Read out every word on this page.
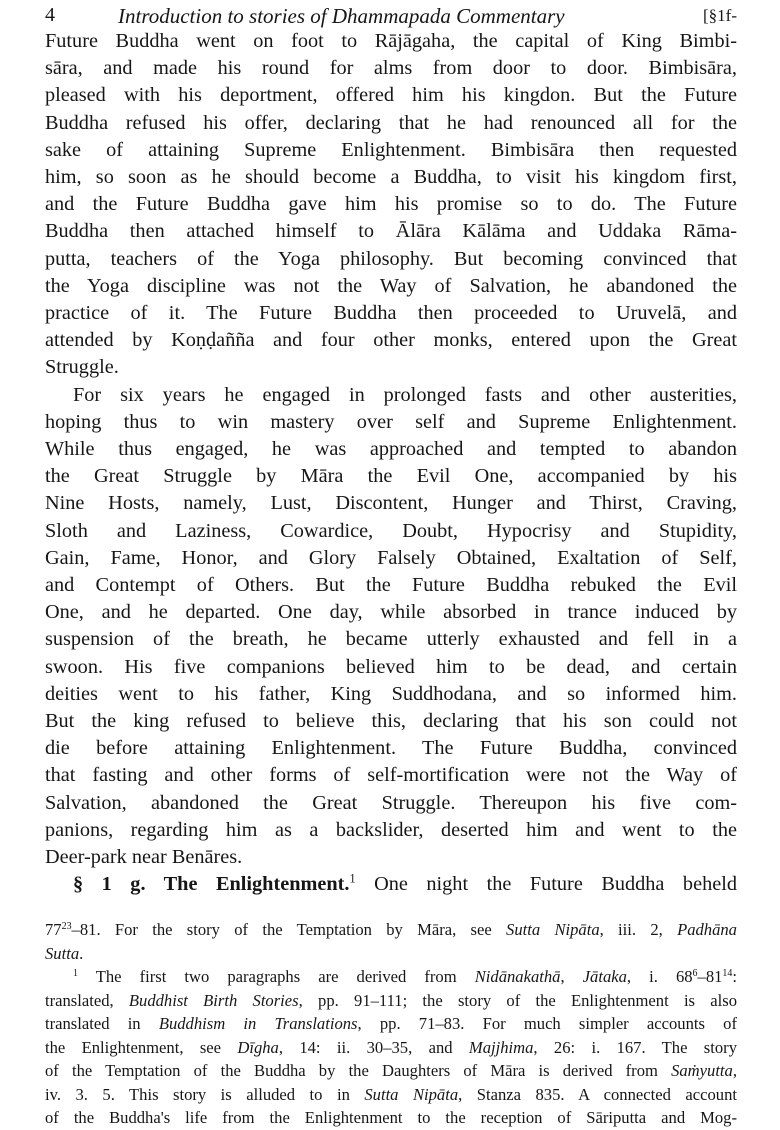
4	Introduction to stories of Dhammapada Commentary	[§1f-
Future Buddha went on foot to Rājāgaha, the capital of King Bimbi-
sāra, and made his round for alms from door to door. Bimbisāra,
pleased with his deportment, offered him his kingdon. But the Future
Buddha refused his offer, declaring that he had renounced all for the
sake of attaining Supreme Enlightenment. Bimbisāra then requested
him, so soon as he should become a Buddha, to visit his kingdom first,
and the Future Buddha gave him his promise so to do. The Future
Buddha then attached himself to Ālāra Kālāma and Uddaka Rāma-
putta, teachers of the Yoga philosophy. But becoming convinced that
the Yoga discipline was not the Way of Salvation, he abandoned the
practice of it. The Future Buddha then proceeded to Uruvelā, and
attended by Koṇḍañña and four other monks, entered upon the Great
Struggle.
For six years he engaged in prolonged fasts and other austerities,
hoping thus to win mastery over self and Supreme Enlightenment.
While thus engaged, he was approached and tempted to abandon
the Great Struggle by Māra the Evil One, accompanied by his
Nine Hosts, namely, Lust, Discontent, Hunger and Thirst, Craving,
Sloth and Laziness, Cowardice, Doubt, Hypocrisy and Stupidity,
Gain, Fame, Honor, and Glory Falsely Obtained, Exaltation of Self,
and Contempt of Others. But the Future Buddha rebuked the Evil
One, and he departed. One day, while absorbed in trance induced by
suspension of the breath, he became utterly exhausted and fell in a
swoon. His five companions believed him to be dead, and certain
deities went to his father, King Suddhodana, and so informed him.
But the king refused to believe this, declaring that his son could not
die before attaining Enlightenment. The Future Buddha, convinced
that fasting and other forms of self-mortification were not the Way of
Salvation, abandoned the Great Struggle. Thereupon his five com-
panions, regarding him as a backslider, deserted him and went to the
Deer-park near Benāres.
§ 1 g. The Enlightenment.$^1$ One night the Future Buddha beheld
$77^{23}-81$. For the story of the Temptation by Māra, see Sutta Nipāta, iii. 2, Padhāna
Sutta.
$^1$ The first two paragraphs are derived from Nidānakathā, Jātaka, i. $68^6-81^{14}$:
translated, Buddhist Birth Stories, pp. 91–111; the story of the Enlightenment is also
translated in Buddhism in Translations, pp. 71–83. For much simpler accounts of
the Enlightenment, see Dīgha, 14: ii. 30–35, and Majjhima, 26: i. 167. The story
of the Temptation of the Buddha by the Daughters of Māra is derived from Saṁyutta,
iv. 3. 5. This story is alluded to in Sutta Nipāta, Stanza 835. A connected account
of the Buddha's life from the Enlightenment to the reception of Sāriputta and Mog-
